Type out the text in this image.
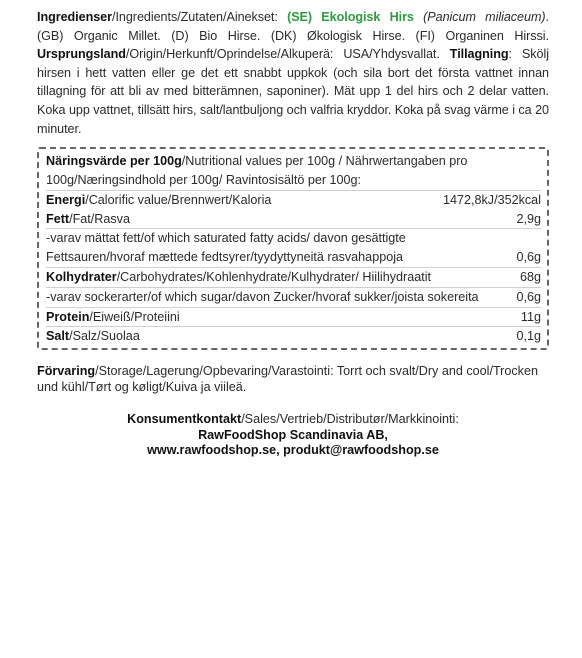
Ingredienser/Ingredients/Zutaten/Ainekset: (SE) Ekologisk Hirs (Panicum miliaceum). (GB) Organic Millet. (D) Bio Hirse. (DK) Økologisk Hirse. (FI) Organinen Hirssi. Ursprungsland/Origin/Herkunft/Oprindelse/Alkuperä: USA/Yhdysvallat. Tillagning: Skölj hirsen i hett vatten eller ge det ett snabbt uppkok (och sila bort det första vattnet innan tillagning för att bli av med bitterämnen, saponiner). Mät upp 1 del hirs och 2 delar vatten. Koka upp vattnet, tillsätt hirs, salt/lantbuljong och valfria kryddor. Koka på svag värme i ca 20 minuter.
Näringsvärde per 100g/Nutritional values per 100g / Nährwertangaben pro 100g/Næringsindhold per 100g/ Ravintosisältö per 100g:
Energi/Calorific value/Brennwert/Kaloria	1472,8kJ/352kcal
Fett/Fat/Rasva	2,9g
-varav mättat fett/of which saturated fatty acids/ davon gesättigte Fettsauren/hvoraf mættede fedtsyrer/tyydyttyneitä rasvahappoja	0,6g
Kolhydrater/Carbohydrates/Kohlenhydrate/Kulhydrater/ Hiilihydraatit	68g
-varav sockerarter/of which sugar/davon Zucker/hvoraf sukker/joista sokereita	0,6g
Protein/Eiweiß/Proteiini	11g
Salt/Salz/Suolaa	0,1g
Förvaring/Storage/Lagerung/Opbevaring/Varastointi: Torrt och svalt/Dry and cool/Trocken und kühl/Tørt og køligt/Kuiva ja viileä.
Konsumentkontakt/Sales/Vertrieb/Distributør/Markkinointi:
RawFoodShop Scandinavia AB,
www.rawfoodshop.se, produkt@rawfoodshop.se
